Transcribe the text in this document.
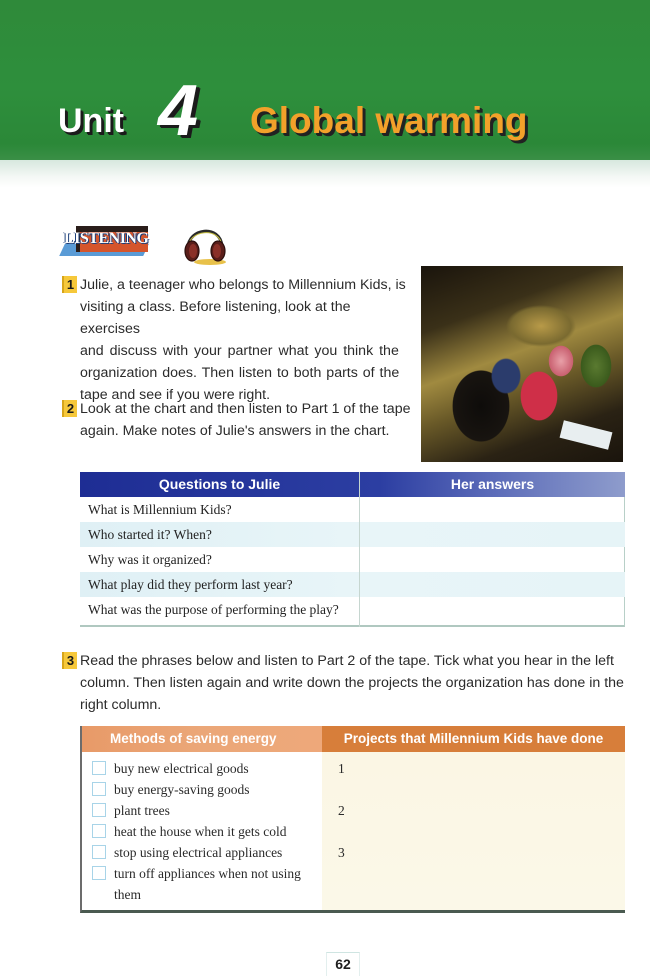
Unit 4 Global warming
LISTENING
1 Julie, a teenager who belongs to Millennium Kids, is
visiting a class. Before listening, look at the exercises
and discuss with your partner what you think the
organization does. Then listen to both parts of the
tape and see if you were right.
2 Look at the chart and then listen to Part 1 of the tape
again. Make notes of Julie's answers in the chart.
Questions to Julie	Her answers
What is Millennium Kids?
Who started it? When?
Why was it organized?
What play did they perform last year?
What was the purpose of performing the play?
3 Read the phrases below and listen to Part 2 of the tape. Tick what you hear in the left
column. Then listen again and write down the projects the organization has done in the
right column.
Methods of saving energy	Projects that Millennium Kids have done
buy new electrical goods
buy energy-saving goods
plant trees
heat the house when it gets cold
stop using electrical appliances
turn off appliances when not using
them
1
2
3
62
